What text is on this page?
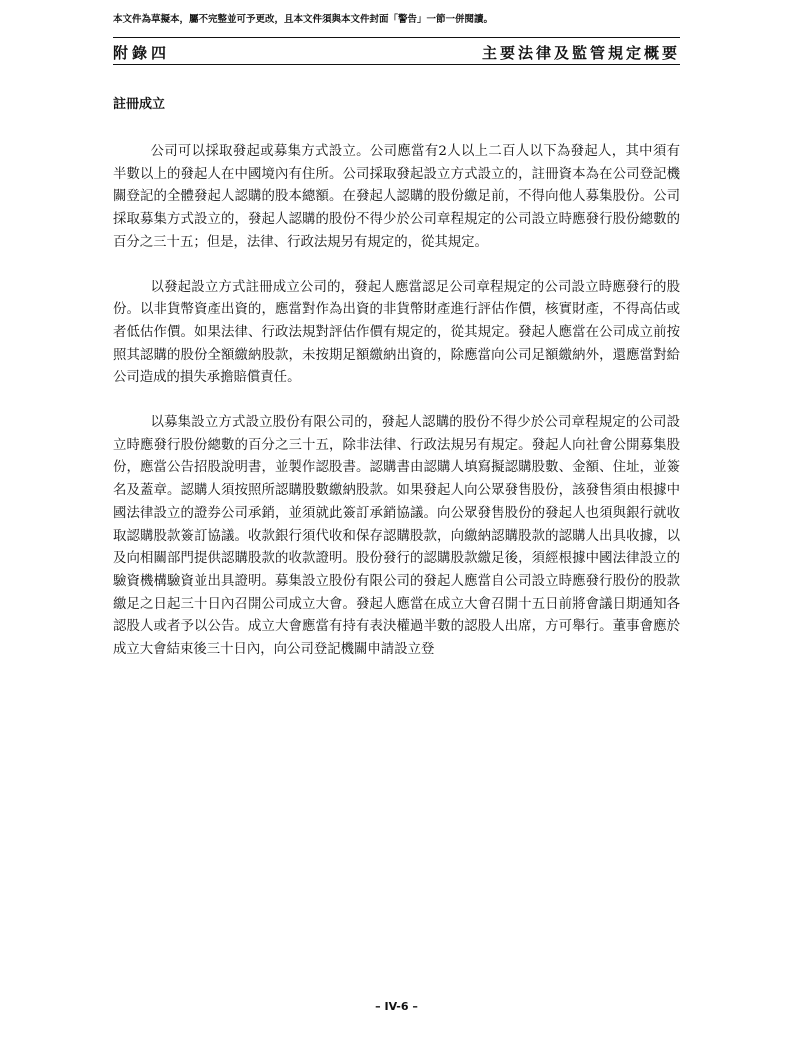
本文件為草擬本，屬不完整並可予更改，且本文件須與本文件封面「警告」一節一併閱讀。
附錄四	主要法律及監管規定概要
註冊成立

公司可以採取發起或募集方式設立。公司應當有2人以上二百人以下為發起人，其中須有半數以上的發起人在中國境內有住所。公司採取發起設立方式設立的，註冊資本為在公司登記機關登記的全體發起人認購的股本總額。在發起人認購的股份繳足前，不得向他人募集股份。公司採取募集方式設立的，發起人認購的股份不得少於公司章程規定的公司設立時應發行股份總數的百分之三十五；但是，法律、行政法規另有規定的，從其規定。

以發起設立方式註冊成立公司的，發起人應當認足公司章程規定的公司設立時應發行的股份。以非貨幣資產出資的，應當對作為出資的非貨幣財產進行評估作價，核實財產，不得高估或者低估作價。如果法律、行政法規對評估作價有規定的，從其規定。發起人應當在公司成立前按照其認購的股份全額繳納股款，未按期足額繳納出資的，除應當向公司足額繳納外，還應當對給公司造成的損失承擔賠償責任。

以募集設立方式設立股份有限公司的，發起人認購的股份不得少於公司章程規定的公司設立時應發行股份總數的百分之三十五，除非法律、行政法規另有規定。發起人向社會公開募集股份，應當公告招股說明書，並製作認股書。認購書由認購人填寫擬認購股數、金額、住址，並簽名及蓋章。認購人須按照所認購股數繳納股款。如果發起人向公眾發售股份，該發售須由根據中國法律設立的證券公司承銷，並須就此簽訂承銷協議。向公眾發售股份的發起人也須與銀行就收取認購股款簽訂協議。收款銀行須代收和保存認購股款，向繳納認購股款的認購人出具收據，以及向相關部門提供認購股款的收款證明。股份發行的認購股款繳足後，須經根據中國法律設立的驗資機構驗資並出具證明。募集設立股份有限公司的發起人應當自公司設立時應發行股份的股款繳足之日起三十日內召開公司成立大會。發起人應當在成立大會召開十五日前將會議日期通知各認股人或者予以公告。成立大會應當有持有表決權過半數的認股人出席，方可舉行。董事會應於成立大會結束後三十日內，向公司登記機關申請設立登

– IV-6 –
